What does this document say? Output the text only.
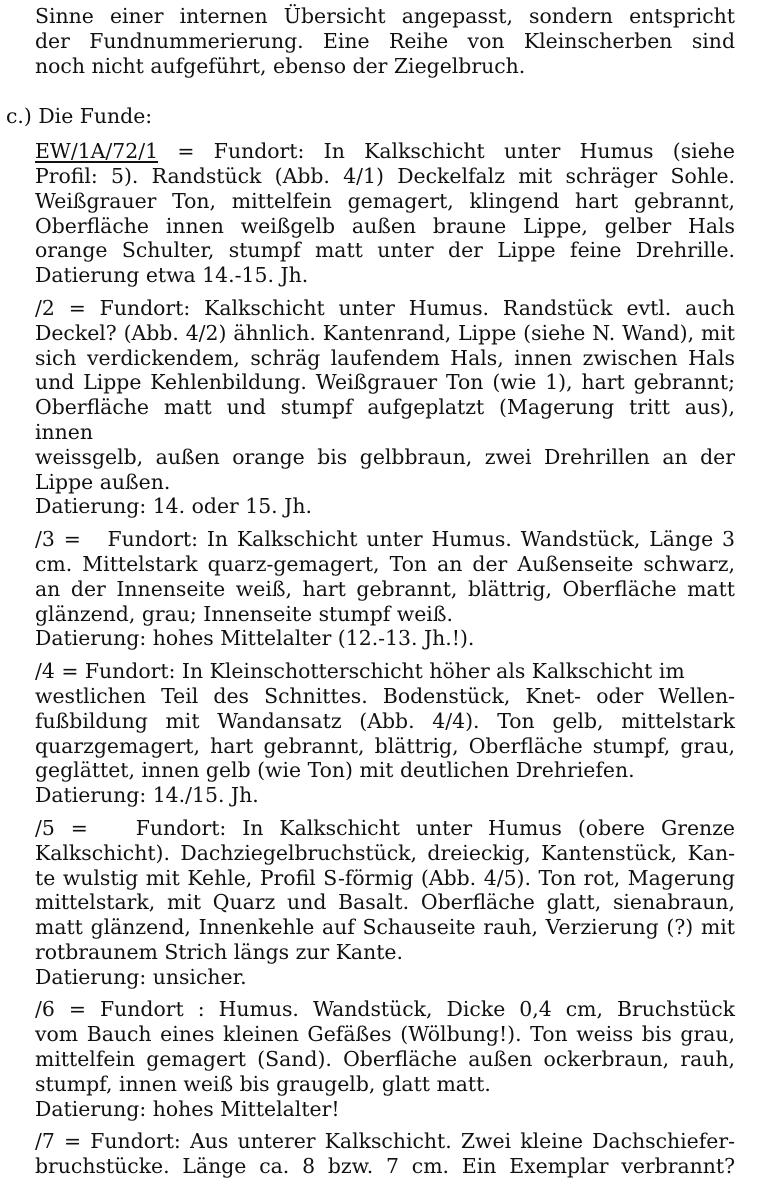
Sinne einer internen Übersicht angepasst, sondern entspricht
der Fundnummerierung. Eine Reihe von Kleinscherben sind
noch nicht aufgeführt, ebenso der Ziegelbruch.
c.) Die Funde:
EW/1A/72/1 = Fundort: In Kalkschicht unter Humus (siehe
Profil: 5). Randstück (Abb. 4/1) Deckelfalz mit schräger Sohle.
Weißgrauer Ton, mittelfein gemagert, klingend hart gebrannt,
Oberfläche innen weißgelb außen braune Lippe, gelber Hals
orange Schulter, stumpf matt unter der Lippe feine Drehrille.
Datierung etwa 14.-15. Jh.
/2 = Fundort: Kalkschicht unter Humus. Randstück evtl. auch
Deckel? (Abb. 4/2) ähnlich. Kantenrand, Lippe (siehe N. Wand), mit
sich verdickendem, schräg laufendem Hals, innen zwischen Hals
und Lippe Kehlenbildung. Weißgrauer Ton (wie 1), hart gebrannt;
Oberfläche matt und stumpf aufgeplatzt (Magerung tritt aus), innen
weissgelb, außen orange bis gelbbraun, zwei Drehrillen an der
Lippe außen.
Datierung: 14. oder 15. Jh.
/3 =   Fundort: In Kalkschicht unter Humus. Wandstück, Länge 3
cm. Mittelstark quarz-gemagert, Ton an der Außenseite schwarz,
an der Innenseite weiß, hart gebrannt, blättrig, Oberfläche matt
glänzend, grau; Innenseite stumpf weiß.
Datierung: hohes Mittelalter (12.-13. Jh.!).
/4 = Fundort: In Kleinschotterschicht höher als Kalkschicht im
westlichen Teil des Schnittes. Bodenstück, Knet- oder Wellen-
fußbildung mit Wandansatz (Abb. 4/4). Ton gelb, mittelstark
quarzgemagert, hart gebrannt, blättrig, Oberfläche stumpf, grau,
geglättet, innen gelb (wie Ton) mit deutlichen Drehriefen.
Datierung: 14./15. Jh.
/5 =   Fundort: In Kalkschicht unter Humus (obere Grenze
Kalkschicht). Dachziegelbruchstück, dreieckig, Kantenstück, Kan-
te wulstig mit Kehle, Profil S-förmig (Abb. 4/5). Ton rot, Magerung
mittelstark, mit Quarz und Basalt. Oberfläche glatt, sienabraun,
matt glänzend, Innenkehle auf Schauseite rauh, Verzierung (?) mit
rotbraunem Strich längs zur Kante.
Datierung: unsicher.
/6 = Fundort : Humus. Wandstück, Dicke 0,4 cm, Bruchstück
vom Bauch eines kleinen Gefäßes (Wölbung!). Ton weiss bis grau,
mittelfein gemagert (Sand). Oberfläche außen ockerbraun, rauh,
stumpf, innen weiß bis graugelb, glatt matt.
Datierung: hohes Mittelalter!
/7 = Fundort: Aus unterer Kalkschicht. Zwei kleine Dachschiefer-
bruchstücke. Länge ca. 8 bzw. 7 cm. Ein Exemplar verbrannt?
